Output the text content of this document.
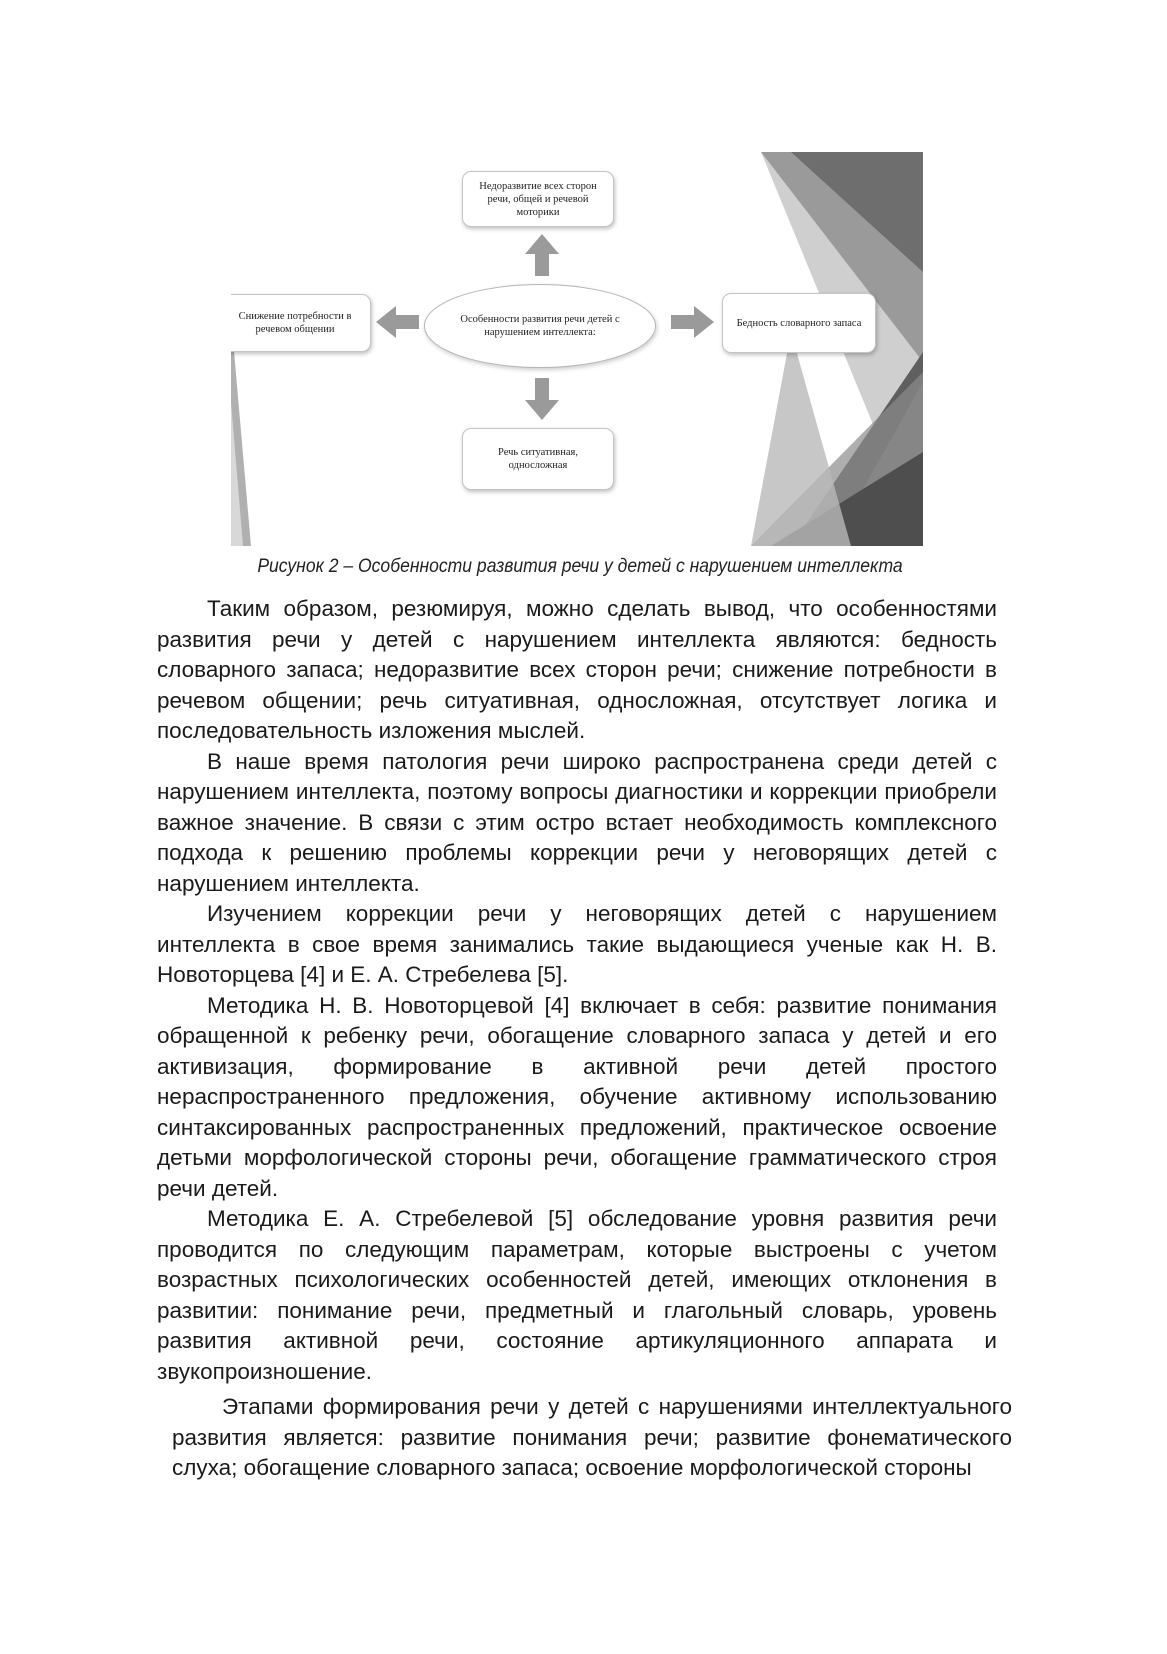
Недоразвитие всех сторон речи, общей и речевой моторики
Снижение потребности в речевом общении
Особенности развития речи детей с нарушением интеллекта:
Бедность словарного запаса
Речь ситуативная, односложная
Рисунок 2 – Особенности развития речи у детей с нарушением интеллекта

Таким образом, резюмируя, можно сделать вывод, что особенностями развития речи у детей с нарушением интеллекта являются: бедность словарного запаса; недоразвитие всех сторон речи; снижение потребности в речевом общении; речь ситуативная, односложная, отсутствует логика и последовательность изложения мыслей.

В наше время патология речи широко распространена среди детей с нарушением интеллекта, поэтому вопросы диагностики и коррекции приобрели важное значение. В связи с этим остро встает необходимость комплексного подхода к решению проблемы коррекции речи у неговорящих детей с нарушением интеллекта.

Изучением коррекции речи у неговорящих детей с нарушением интеллекта в свое время занимались такие выдающиеся ученые как Н. В. Новоторцева [4] и Е. А. Стребелева [5].

Методика Н. В. Новоторцевой [4] включает в себя: развитие понимания обращенной к ребенку речи, обогащение словарного запаса у детей и его активизация, формирование в активной речи детей простого нераспространенного предложения, обучение активному использованию синтаксированных распространенных предложений, практическое освоение детьми морфологической стороны речи, обогащение грамматического строя речи детей.

Методика Е. А. Стребелевой [5] обследование уровня развития речи проводится по следующим параметрам, которые выстроены с учетом возрастных психологических особенностей детей, имеющих отклонения в развитии: понимание речи, предметный и глагольный словарь, уровень развития активной речи, состояние артикуляционного аппарата и звукопроизношение.

Этапами формирования речи у детей с нарушениями интеллектуального развития является: развитие понимания речи; развитие фонематического слуха; обогащение словарного запаса; освоение морфологической стороны
